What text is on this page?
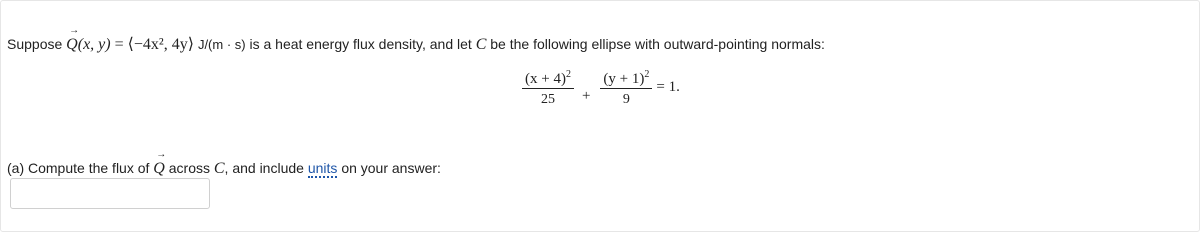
Suppose
→
Q(x, y) = ⟨−4x², 4y⟩ J/(m · s) is a heat energy flux density, and let C be the following ellipse with outward-pointing normals:
$\frac{(x + 4)^2}{25} + \frac{(y + 1)^2}{9} = 1$.
(a) Compute the flux of
→
Q across C, and include units on your answer:
